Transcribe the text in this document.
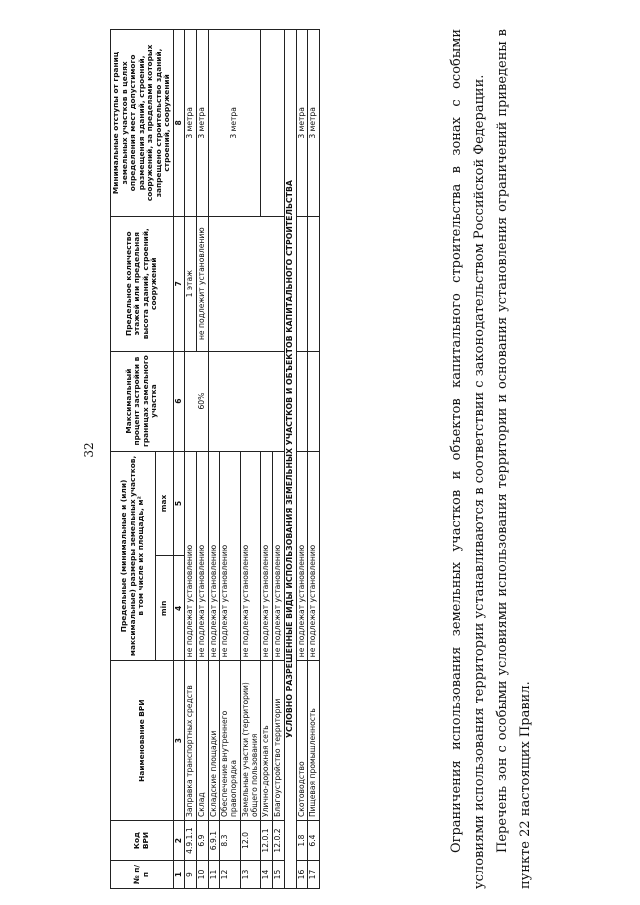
32
№ п/п	Код ВРИ	Наименование ВРИ	Предельные (минимальные и (или) максимальные) размеры земельных участков, в том числе их площадь, м²		Максимальный процент застройки в границах земельного участка	Предельное количество этажей или предельная высота зданий, строений, сооружений	Минимальные отступы от границ земельных участков в целях определения мест допустимого размещения зданий, строений, сооружений, за пределами которых запрещено строительство зданий, строений, сооружений
			min	max			
1	2	3	4	5	6	7	8
9	4.9.1.1	Заправка транспортных средств	не подлежат установлению		60%	1 этаж	3 метра
10	6.9	Склад	не подлежат установлению			не подлежит установлению	3 метра
11	6.9.1	Складские площадки	не подлежат установлению				3 метра
12	8.3	Обеспечение внутреннего правопорядка	не подлежат установлению				
13	12.0	Земельные участки (территории) общего пользования	не подлежат установлению				
14	12.0.1	Улично-дорожная сеть	не подлежат установлению				
15	12.0.2	Благоустройство территории	не подлежат установлению				
УСЛОВНО РАЗРЕШЕННЫЕ ВИДЫ ИСПОЛЬЗОВАНИЯ ЗЕМЕЛЬНЫХ УЧАСТКОВ И ОБЪЕКТОВ КАПИТАЛЬНОГО СТРОИТЕЛЬСТВА							
16	1.8	Скотоводство	не подлежат установлению				3 метра
17	6.4	Пищевая промышленность	не подлежат установлению				3 метра	Ограничения использования земельных участков и объектов капитального строительства в зонах с особыми условиями использования территории устанавливаются в соответствии с законодательством Российской Федерации. Перечень зон с особыми условиями использования территории и основания установления ограничений приведены в пункте 22 настоящих Правил.
